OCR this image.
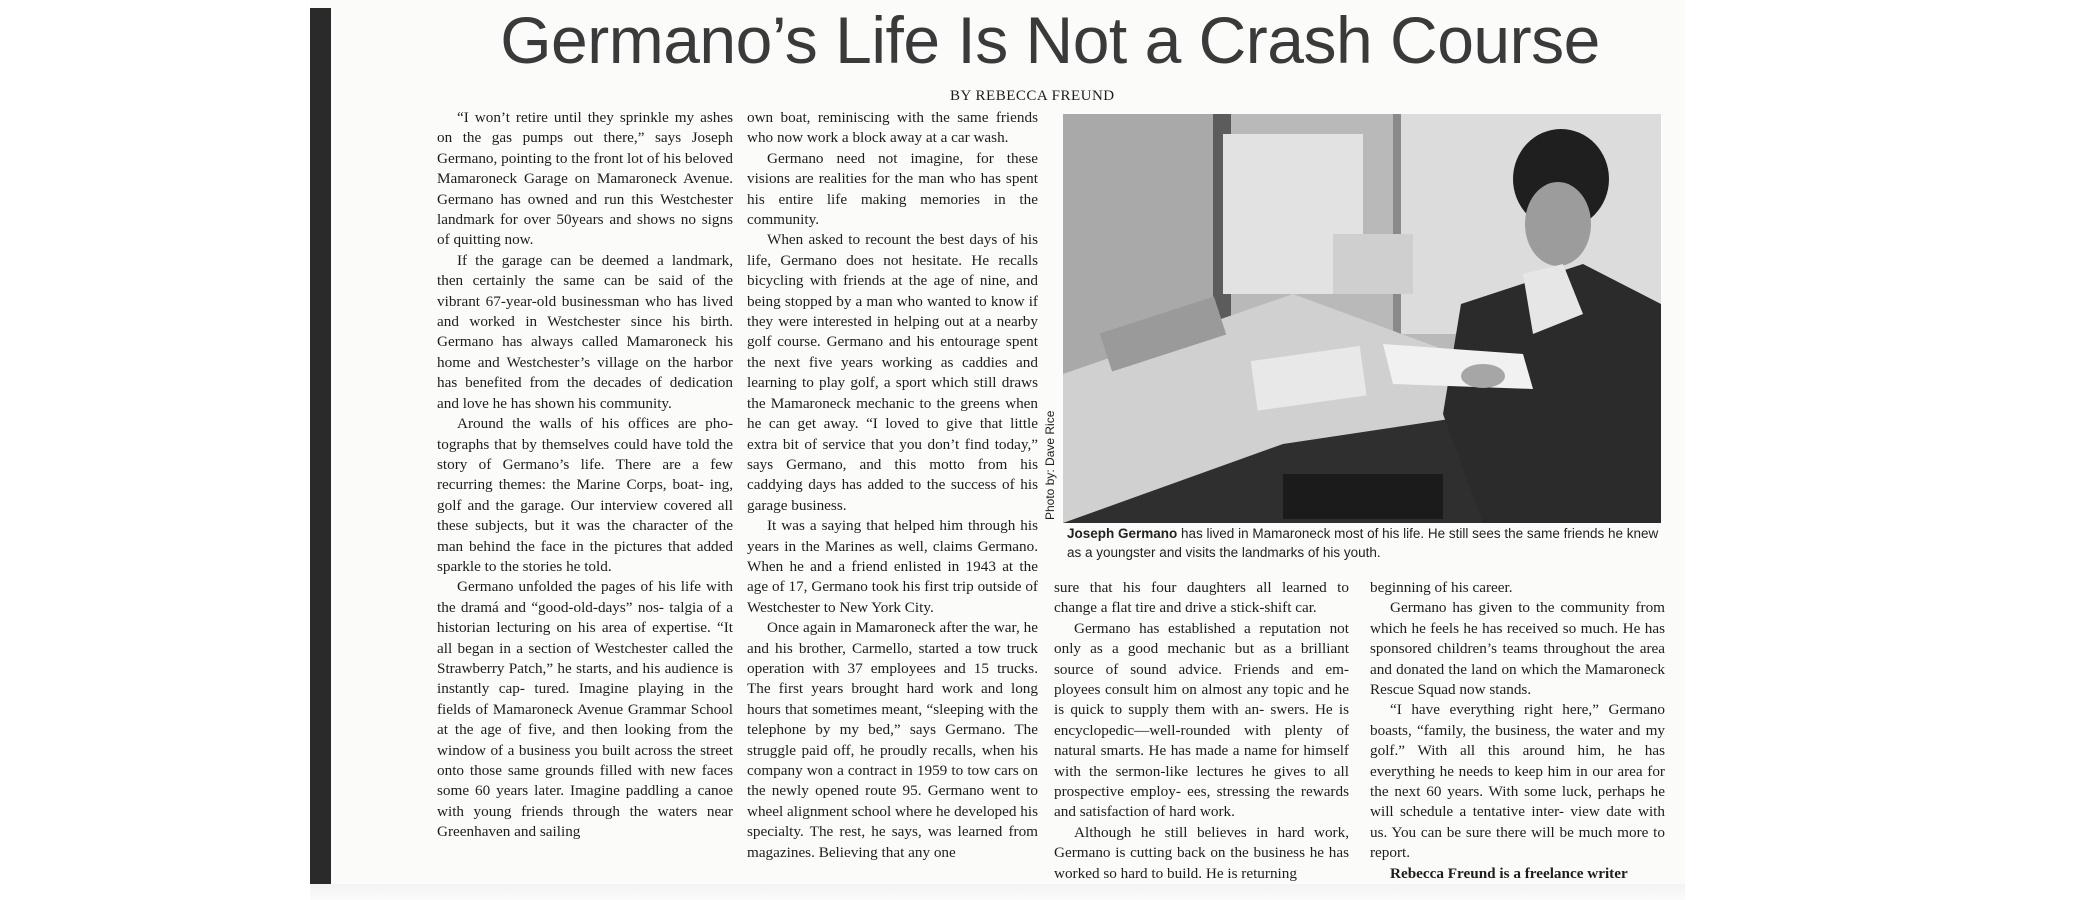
Germano’s Life Is Not a Crash Course
BY REBECCA FREUND

“I won’t retire until they sprinkle my ashes on the gas pumps out there,” says Joseph Germano, pointing to the front lot of his beloved Mamaroneck Garage on Mamaroneck Avenue. Germano has owned and run this Westchester landmark for over 50years and shows no signs of quitting now.

If the garage can be deemed a landmark, then certainly the same can be said of the vibrant 67-year-old businessman who has lived and worked in Westchester since his birth. Germano has always called Mamaroneck his home and Westchester’s village on the harbor has benefited from the decades of dedication and love he has shown his community.

Around the walls of his offices are pho- tographs that by themselves could have told the story of Germano’s life. There are a few recurring themes: the Marine Corps, boat- ing, golf and the garage. Our interview covered all these subjects, but it was the character of the man behind the face in the pictures that added sparkle to the stories he told.

Germano unfolded the pages of his life with the dramá and “good-old-days” nos- talgia of a historian lecturing on his area of expertise. “It all began in a section of Westchester called the Strawberry Patch,” he starts, and his audience is instantly cap- tured. Imagine playing in the fields of Mamaroneck Avenue Grammar School at the age of five, and then looking from the window of a business you built across the street onto those same grounds filled with new faces some 60 years later. Imagine paddling a canoe with young friends through the waters near Greenhaven and sailing

own boat, reminiscing with the same friends who now work a block away at a car wash.

Germano need not imagine, for these visions are realities for the man who has spent his entire life making memories in the community.

When asked to recount the best days of his life, Germano does not hesitate. He recalls bicycling with friends at the age of nine, and being stopped by a man who wanted to know if they were interested in helping out at a nearby golf course. Germano and his entourage spent the next five years working as caddies and learning to play golf, a sport which still draws the Mamaroneck mechanic to the greens when he can get away. “I loved to give that little extra bit of service that you don’t find today,” says Germano, and this motto from his caddying days has added to the success of his garage business.

It was a saying that helped him through his years in the Marines as well, claims Germano. When he and a friend enlisted in 1943 at the age of 17, Germano took his first trip outside of Westchester to New York City.

Once again in Mamaroneck after the war, he and his brother, Carmello, started a tow truck operation with 37 employees and 15 trucks. The first years brought hard work and long hours that sometimes meant, “sleeping with the telephone by my bed,” says Germano. The struggle paid off, he proudly recalls, when his company won a contract in 1959 to tow cars on the newly opened route 95. Germano went to wheel alignment school where he developed his specialty. The rest, he says, was learned from magazines. Believing that any one

Joseph Germano has lived in Mamaroneck most of his life. He still sees the same friends he knew as a youngster and visits the landmarks of his youth.

sure that his four daughters all learned to change a flat tire and drive a stick-shift car.

Germano has established a reputation not only as a good mechanic but as a brilliant source of sound advice. Friends and em- ployees consult him on almost any topic and he is quick to supply them with an- swers. He is encyclopedic—well-rounded with plenty of natural smarts. He has made a name for himself with the sermon-like lectures he gives to all prospective employ- ees, stressing the rewards and satisfaction of hard work.

Although he still believes in hard work, Germano is cutting back on the business he has worked so hard to build. He is returning

beginning of his career.

Germano has given to the community from which he feels he has received so much. He has sponsored children’s teams throughout the area and donated the land on which the Mamaroneck Rescue Squad now stands.

“I have everything right here,” Germano boasts, “family, the business, the water and my golf.” With all this around him, he has everything he needs to keep him in our area for the next 60 years. With some luck, perhaps he will schedule a tentative inter- view date with us. You can be sure there will be much more to report.

Rebecca Freund is a freelance writer
